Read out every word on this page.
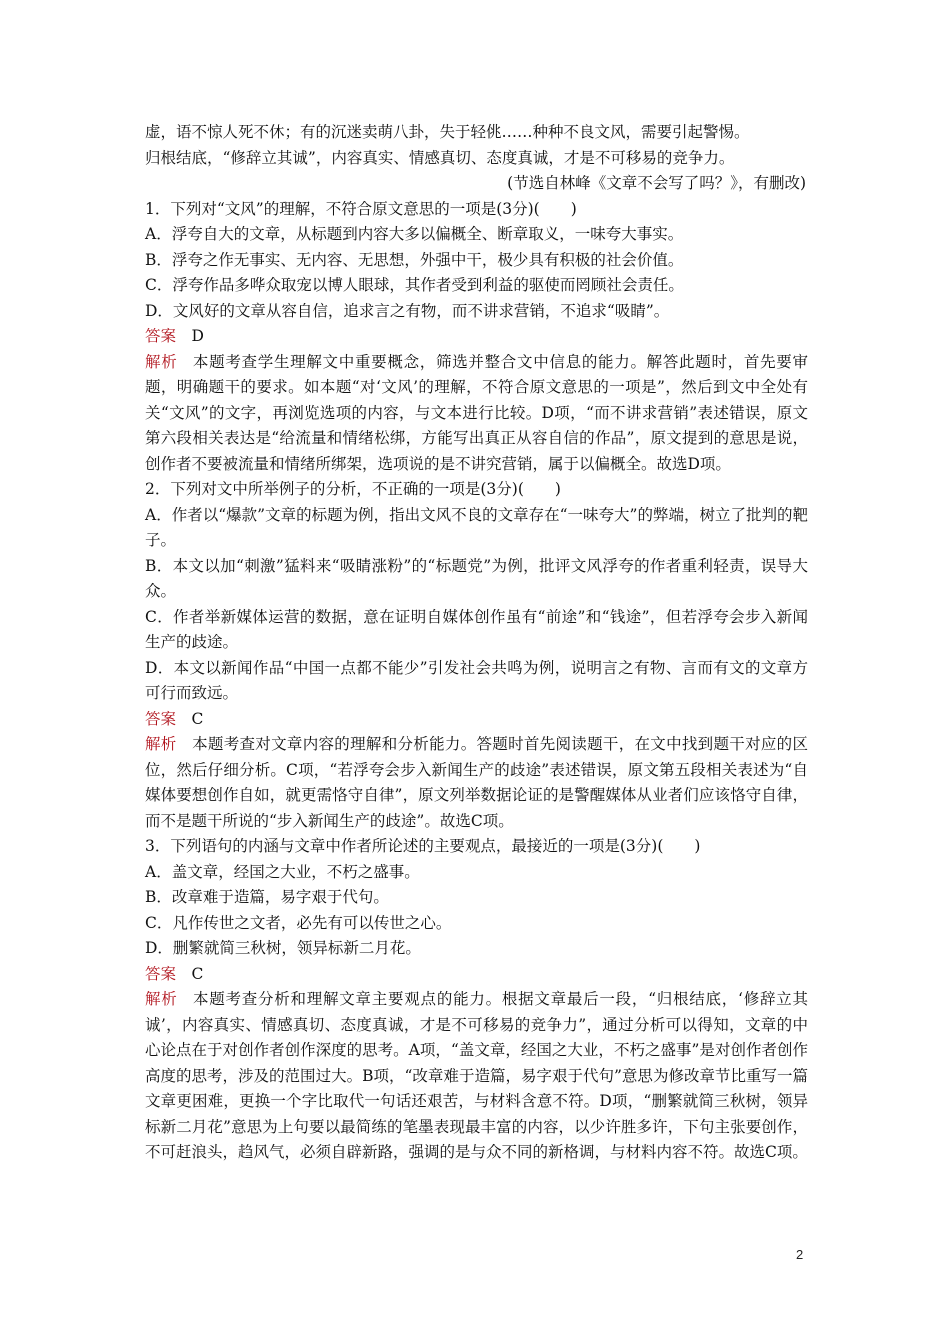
虚，语不惊人死不休；有的沉迷卖萌八卦，失于轻佻……种种不良文风，需要引起警惕。

归根结底，“修辞立其诚”，内容真实、情感真切、态度真诚，才是不可移易的竞争力。

(节选自林峰《文章不会写了吗？》，有删改)

1．下列对“文风”的理解，不符合原文意思的一项是(3分)(　　)

A．浮夸自大的文章，从标题到内容大多以偏概全、断章取义，一味夸大事实。

B．浮夸之作无事实、无内容、无思想，外强中干，极少具有积极的社会价值。

C．浮夸作品多哗众取宠以博人眼球，其作者受到利益的驱使而罔顾社会责任。

D．文风好的文章从容自信，追求言之有物，而不讲求营销，不追求“吸睛”。

答案 D

解析 本题考查学生理解文中重要概念，筛选并整合文中信息的能力。解答此题时，首先要审题，明确题干的要求。如本题“对‘文风’的理解，不符合原文意思的一项是”，然后到文中全处有关“文风”的文字，再浏览选项的内容，与文本进行比较。D项，“而不讲求营销”表述错误，原文第六段相关表达是“给流量和情绪松绑，方能写出真正从容自信的作品”，原文提到的意思是说，创作者不要被流量和情绪所绑架，选项说的是不讲究营销，属于以偏概全。故选D项。

2．下列对文中所举例子的分析，不正确的一项是(3分)(　　)

A．作者以“爆款”文章的标题为例，指出文风不良的文章存在“一味夸大”的弊端，树立了批判的靶子。

B．本文以加“刺激”猛料来“吸睛涨粉”的“标题党”为例，批评文风浮夸的作者重利轻责，误导大众。

C．作者举新媒体运营的数据，意在证明自媒体创作虽有“前途”和“钱途”，但若浮夸会步入新闻生产的歧途。

D．本文以新闻作品“中国一点都不能少”引发社会共鸣为例，说明言之有物、言而有文的文章方可行而致远。

答案 C

解析 本题考查对文章内容的理解和分析能力。答题时首先阅读题干，在文中找到题干对应的区位，然后仔细分析。C项，“若浮夸会步入新闻生产的歧途”表述错误，原文第五段相关表述为“自媒体要想创作自如，就更需恪守自律”，原文列举数据论证的是警醒媒体从业者们应该恪守自律，而不是题干所说的“步入新闻生产的歧途”。故选C项。

3．下列语句的内涵与文章中作者所论述的主要观点，最接近的一项是(3分)(　　)

A．盖文章，经国之大业，不朽之盛事。

B．改章难于造篇，易字艰于代句。

C．凡作传世之文者，必先有可以传世之心。

D．删繁就简三秋树，领异标新二月花。

答案 C

解析 本题考查分析和理解文章主要观点的能力。根据文章最后一段，“归根结底，‘修辞立其诚’，内容真实、情感真切、态度真诚，才是不可移易的竞争力”，通过分析可以得知，文章的中心论点在于对创作者创作深度的思考。A项，“盖文章，经国之大业，不朽之盛事”是对创作者创作高度的思考，涉及的范围过大。B项，“改章难于造篇，易字艰于代句”意思为修改章节比重写一篇文章更困难，更换一个字比取代一句话还艰苦，与材料含意不符。D项，“删繁就简三秋树，领异标新二月花”意思为上句要以最简练的笔墨表现最丰富的内容，以少许胜多许，下句主张要创作，不可赶浪头，趋风气，必须自辟新路，强调的是与众不同的新格调，与材料内容不符。故选C项。

2
